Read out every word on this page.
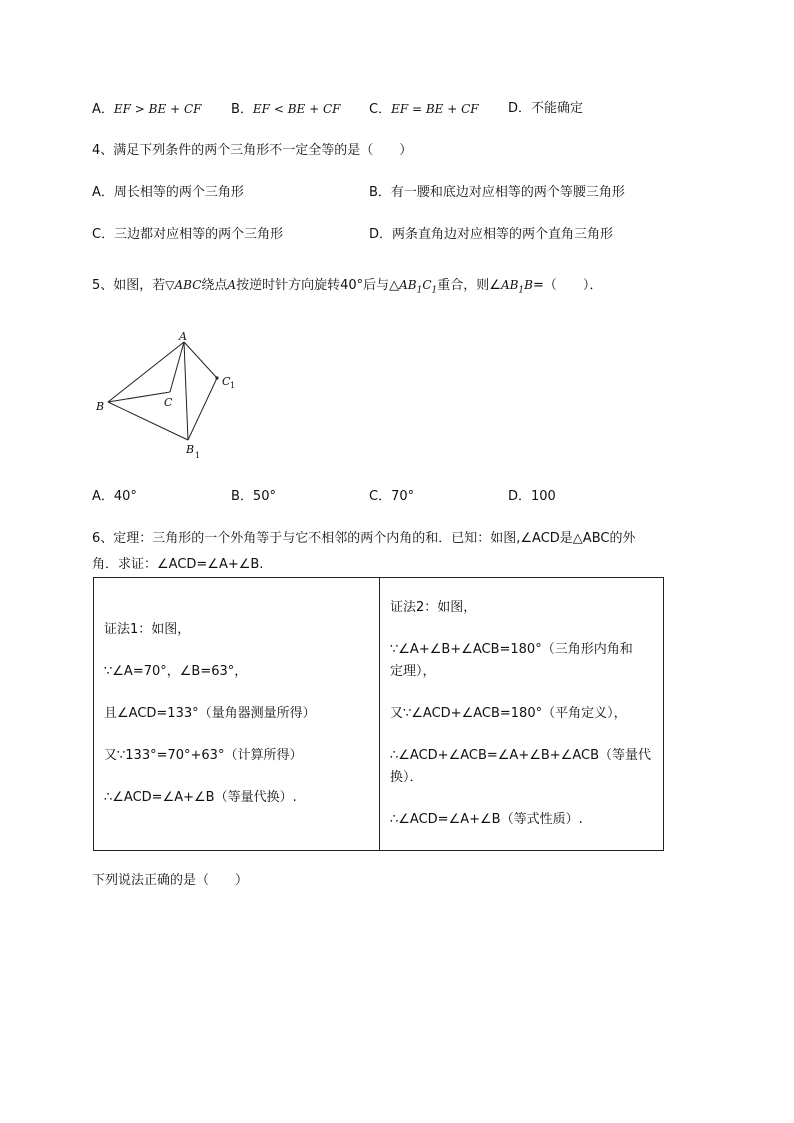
A．EF > BE + CF B．EF < BE + CF C．EF = BE + CF D．不能确定
4、满足下列条件的两个三角形不一定全等的是（　　）
A．周长相等的两个三角形	B．有一腰和底边对应相等的两个等腰三角形
C．三边都对应相等的两个三角形	D．两条直角边对应相等的两个直角三角形
5、如图，若▽ABC绕点A按逆时针方向旋转40°后与$\triangle AB_1C_1$重合，则$\angle AB_1B=$（　　）．
A
B	C
C 1
B 1
A．40°	B．50°	C．70°	D．100
6、定理：三角形的一个外角等于与它不相邻的两个内角的和．已知：如图,∠ACD是△ABC的外
角．求证：∠ACD=∠A+∠B.
证法1：如图，
∵∠A=70°，∠B=63°，
且∠ACD=133°（量角器测量所得）
又∵133°=70°+63°（计算所得）
∴∠ACD=∠A+∠B（等量代换）.

证法2：如图，
∵∠A+∠B+∠ACB=180°（三角形内角和
定理），
又∵∠ACD+∠ACB=180°（平角定义），
∴∠ACD+∠ACB=∠A+∠B+∠ACB（等量代
换）．
∴∠ACD=∠A+∠B（等式性质）.
下列说法正确的是（　　）
